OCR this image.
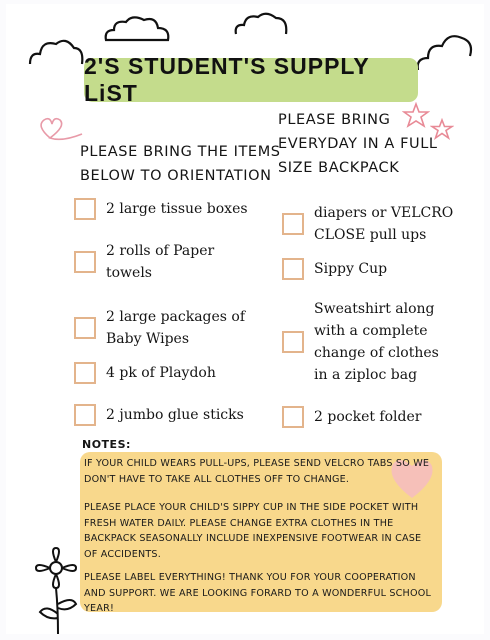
2'S STUDENT'S SUPPLY LiST
PLEASE BRING THE ITEMS
BELOW TO ORIENTATION
PLEASE BRING
EVERYDAY IN A FULL
SIZE BACKPACK
2 large tissue boxes
2 rolls of Paper
towels
2 large packages of
Baby Wipes
4 pk of Playdoh
2 jumbo glue sticks
diapers or VELCRO
CLOSE pull ups
Sippy Cup
Sweatshirt along
with a complete
change of clothes
in a ziploc bag
2 pocket folder
NOTES:
IF YOUR CHILD WEARS PULL-UPS, PLEASE SEND VELCRO TABS SO WE DON'T HAVE TO TAKE ALL CLOTHES OFF TO CHANGE.
PLEASE PLACE YOUR CHILD'S SIPPY CUP IN THE SIDE POCKET WITH FRESH WATER DAILY. PLEASE CHANGE EXTRA CLOTHES IN THE BACKPACK SEASONALLY INCLUDE INEXPENSIVE FOOTWEAR IN CASE OF ACCIDENTS.
PLEASE LABEL EVERYTHING! THANK YOU FOR YOUR COOPERATION AND SUPPORT. WE ARE LOOKING FORARD TO A WONDERFUL SCHOOL YEAR!
